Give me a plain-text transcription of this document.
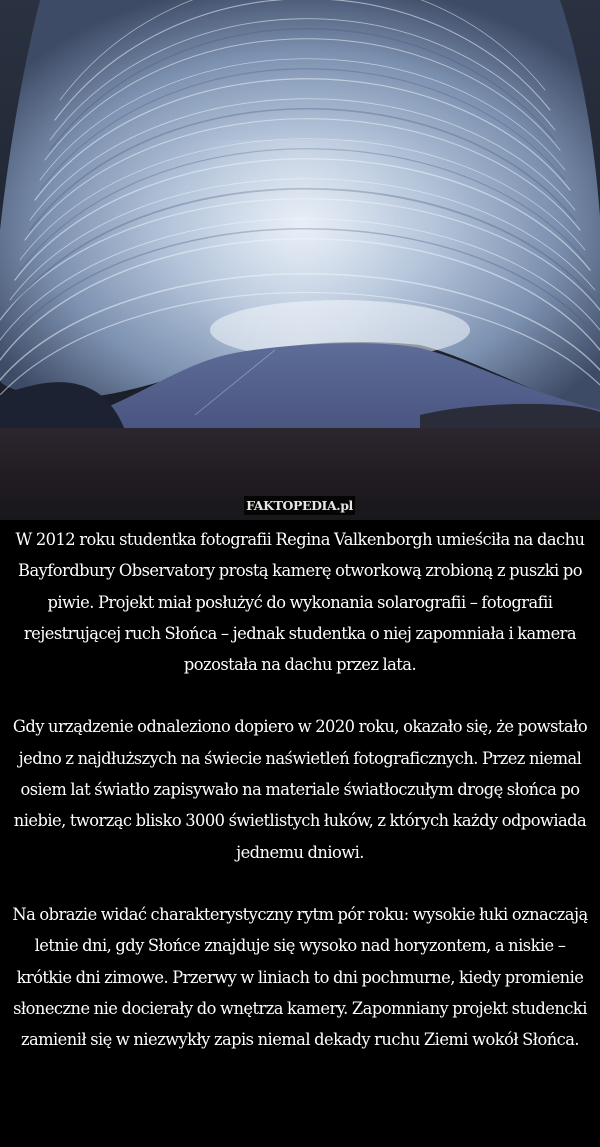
FAKTOPEDIA.pl

W 2012 roku studentka fotografii Regina Valkenborgh umieściła na dachu Bayfordbury Observatory prostą kamerę otworkową zrobioną z puszki po piwie. Projekt miał posłużyć do wykonania solarografii – fotografii rejestrującej ruch Słońca – jednak studentka o niej zapomniała i kamera pozostała na dachu przez lata.

Gdy urządzenie odnaleziono dopiero w 2020 roku, okazało się, że powstało jedno z najdłuższych na świecie naświetleń fotograficznych. Przez niemal osiem lat światło zapisywało na materiale światłoczułym drogę słońca po niebie, tworząc blisko 3000 świetlistych łuków, z których każdy odpowiada jednemu dniowi.

Na obrazie widać charakterystyczny rytm pór roku: wysokie łuki oznaczają letnie dni, gdy Słońce znajduje się wysoko nad horyzontem, a niskie – krótkie dni zimowe. Przerwy w liniach to dni pochmurne, kiedy promienie słoneczne nie docierały do wnętrza kamery. Zapomniany projekt studencki zamienił się w niezwykły zapis niemal dekady ruchu Ziemi wokół Słońca.
